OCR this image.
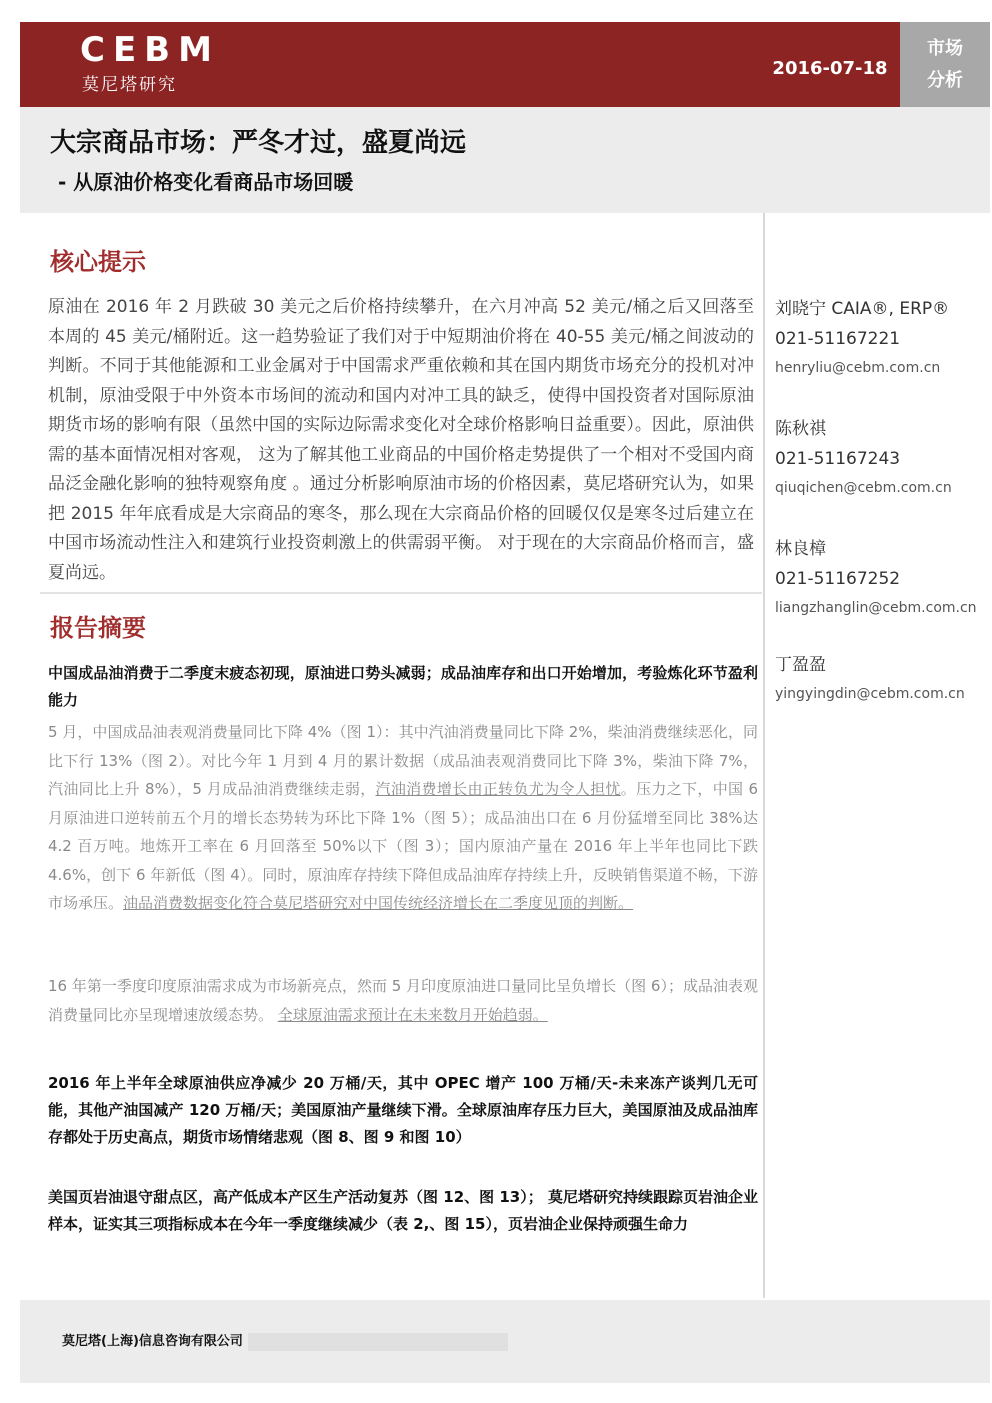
CEBM
莫尼塔研究
2016-07-18
市场
分析
大宗商品市场：严冬才过，盛夏尚远
- 从原油价格变化看商品市场回暖
核心提示
原油在 2016 年 2 月跌破 30 美元之后价格持续攀升，在六月冲高 52 美元/桶之后又回落至本周的 45 美元/桶附近。这一趋势验证了我们对于中短期油价将在 40-55 美元/桶之间波动的判断。不同于其他能源和工业金属对于中国需求严重依赖和其在国内期货市场充分的投机对冲机制，原油受限于中外资本市场间的流动和国内对冲工具的缺乏，使得中国投资者对国际原油期货市场的影响有限（虽然中国的实际边际需求变化对全球价格影响日益重要）。因此，原油供需的基本面情况相对客观， 这为了解其他工业商品的中国价格走势提供了一个相对不受国内商品泛金融化影响的独特观察角度 。通过分析影响原油市场的价格因素，莫尼塔研究认为，如果把 2015 年年底看成是大宗商品的寒冬，那么现在大宗商品价格的回暖仅仅是寒冬过后建立在中国市场流动性注入和建筑行业投资刺激上的供需弱平衡。 对于现在的大宗商品价格而言，盛夏尚远。
报告摘要
中国成品油消费于二季度末疲态初现，原油进口势头减弱；成品油库存和出口开始增加，考验炼化环节盈利能力
5 月，中国成品油表观消费量同比下降 4%（图 1）：其中汽油消费量同比下降 2%，柴油消费继续恶化，同比下行 13%（图 2）。对比今年 1 月到 4 月的累计数据（成品油表观消费同比下降 3%，柴油下降 7%，汽油同比上升 8%），5 月成品油消费继续走弱，汽油消费增长由正转负尤为令人担忧。压力之下，中国 6 月原油进口逆转前五个月的增长态势转为环比下降 1%（图 5）；成品油出口在 6 月份猛增至同比 38%达 4.2 百万吨。地炼开工率在 6 月回落至 50%以下（图 3）；国内原油产量在 2016 年上半年也同比下跌 4.6%，创下 6 年新低（图 4）。同时，原油库存持续下降但成品油库存持续上升，反映销售渠道不畅，下游市场承压。油品消费数据变化符合莫尼塔研究对中国传统经济增长在二季度见顶的判断。
16 年第一季度印度原油需求成为市场新亮点，然而 5 月印度原油进口量同比呈负增长（图 6）；成品油表观消费量同比亦呈现增速放缓态势。 全球原油需求预计在未来数月开始趋弱。
2016 年上半年全球原油供应净减少 20 万桶/天，其中 OPEC 增产 100 万桶/天-未来冻产谈判几无可能，其他产油国减产 120 万桶/天；美国原油产量继续下滑。全球原油库存压力巨大，美国原油及成品油库存都处于历史高点，期货市场情绪悲观（图 8、图 9 和图 10）
美国页岩油退守甜点区，高产低成本产区生产活动复苏（图 12、图 13）； 莫尼塔研究持续跟踪页岩油企业样本，证实其三项指标成本在今年一季度继续减少（表 2,、图 15），页岩油企业保持顽强生命力
刘晓宁 CAIA®, ERP®
021-51167221
henryliu@cebm.com.cn
陈秋祺
021-51167243
qiuqichen@cebm.com.cn
林良樟
021-51167252
liangzhanglin@cebm.com.cn
丁盈盈
yingyingdin@cebm.com.cn
莫尼塔(上海)信息咨询有限公司
